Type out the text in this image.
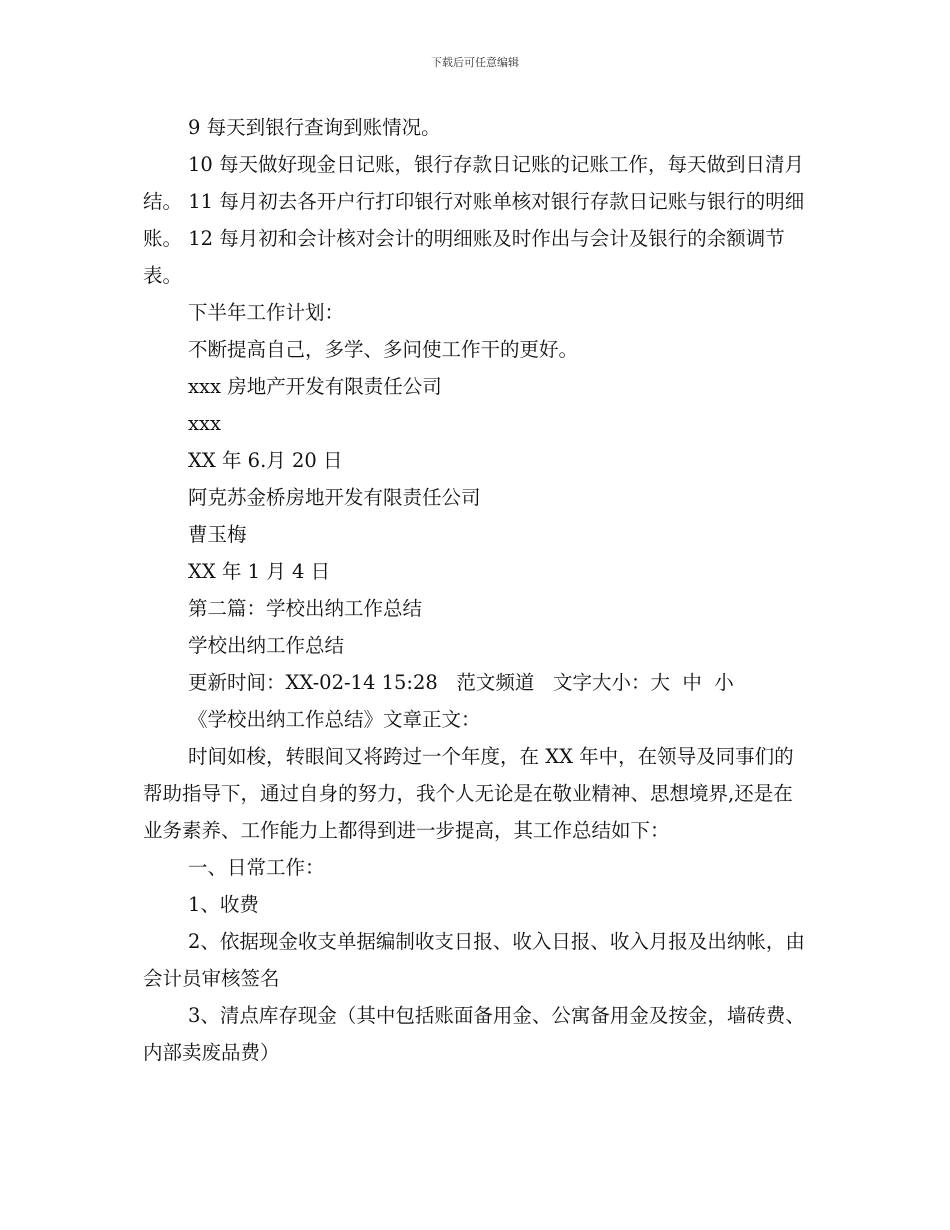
下载后可任意编辑

9 每天到银行查询到账情况。

10 每天做好现金日记账，银行存款日记账的记账工作，每天做到日清月结。 11 每月初去各开户行打印银行对账单核对银行存款日记账与银行的明细账。 12 每月初和会计核对会计的明细账及时作出与会计及银行的余额调节表。

下半年工作计划：

不断提高自己，多学、多问使工作干的更好。

xxx 房地产开发有限责任公司

xxx

XX 年 6.月 20 日

阿克苏金桥房地开发有限责任公司

曹玉梅

XX 年 1 月 4 日

第二篇：学校出纳工作总结

学校出纳工作总结

更新时间：XX-02-14 15:28   范文频道   文字大小：大  中  小

《学校出纳工作总结》文章正文：

时间如梭，转眼间又将跨过一个年度，在 XX 年中，在领导及同事们的帮助指导下，通过自身的努力，我个人无论是在敬业精神、思想境界,还是在业务素养、工作能力上都得到进一步提高，其工作总结如下：

一、日常工作：

1、收费

2、依据现金收支单据编制收支日报、收入日报、收入月报及出纳帐，由会计员审核签名

3、清点库存现金（其中包括账面备用金、公寓备用金及按金，墙砖费、内部卖废品费）
